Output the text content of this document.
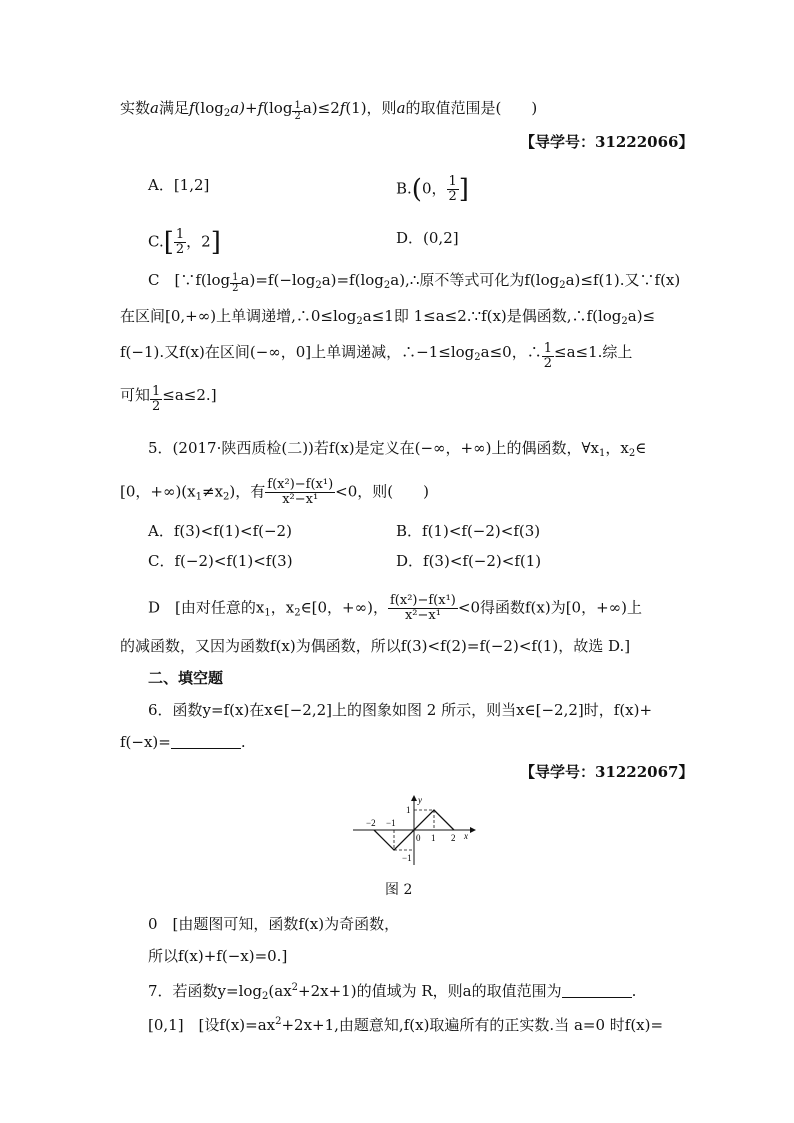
实数a满足$f(\log_2a)+f(\log \frac{1}{2} a)\le 2f(1)$，则a的取值范围是(　　)
【导学号：31222066】
A．[1,2]	B.(0， $\frac{1}{2}$ ]
$C.[ \frac{1}{2}$ ，2]	D．(0,2]
C　[∵f(log $\frac{1}{2}$ $a)=f(-\log_2a)=f(\log_2a),\therefore$原不等式可化为$f(\log_2a)\le f(1)$.又∵f(x)
在区间[0,+∞)上单调递增$,\therefore 0\le\log_2a\le 1$即 1≤a≤2.∵f(x)是偶函数$,\therefore f(\log_2a)\le$
f(−1).又f(x)在区间(−∞，0]上单调递减，$\therefore-1\le\log_2a\le 0$，∴ $\frac{1}{2} \le a\le 1$.综上
可知 $\frac{1}{2} \le a\le 2$.]
5．(2017·陕西质检(二))若f(x)是定义在(−∞，+∞)上的偶函数，$\forall x_1$，$x_2\in$
[0，$+\infty)(x_1\ne x_2)$，有 $\frac{\text{f(x²)−f(x¹)}}{\text{x²−x¹}} <0$，则(　　)
A．f(3)<f(1)<f(−2)	B．f(1)<f(−2)<f(3)
C．f(−2)<f(1)<f(3)	D．f(3)<f(−2)<f(1)
D　[由对任意的$x_1$，$x_2\in[0$，+∞)， $\frac{\text{f(x²)−f(x¹)}}{\text{x²−x¹}} <0$得函数f(x)为[0，+∞)上
的减函数，又因为函数f(x)为偶函数，所以f(3)<f(2)=f(−2)<f(1)，故选 D.]
二、填空题
6．函数y=f(x)在x∈[−2,2]上的图象如图 2 所示，则当x∈[−2,2]时，f(x)+
f(−x)=	.
【导学号：31222067】
y
x
0
−2 −1
1 2
1
−1
图 2
0　[由题图可知，函数f(x)为奇函数，
所以f(x)+f(−x)=0.]
7．若函数$y=\log_2(ax^2+2x+1)$的值域为 R，则a的取值范围为	.
[0,1]　[设$f(x)=ax^2+2x+1$,由题意知,f(x)取遍所有的正实数.当 a=0 时f(x)=
